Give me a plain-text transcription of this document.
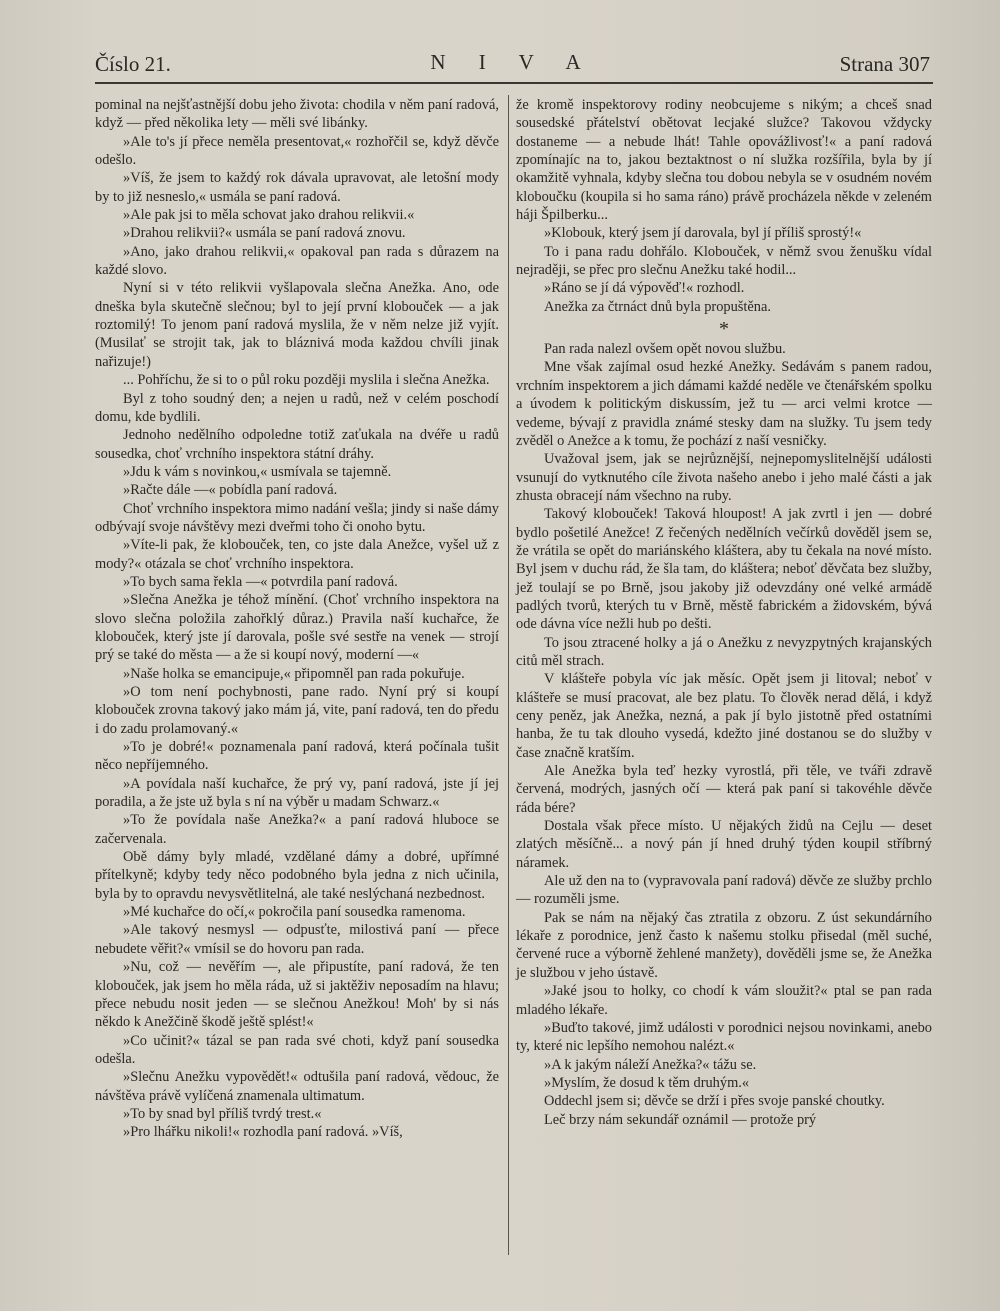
Číslo 21.	N I V A	Strana 307

pominal na nejšťastnější dobu jeho života: chodila v něm paní radová, když — před několika lety — měli své libánky.

»Ale to's jí přece neměla presentovat,« rozhořčil se, když děvče odešlo.

»Víš, že jsem to každý rok dávala upravovat, ale letošní mody by to již nesneslo,« usmála se paní radová.

»Ale pak jsi to měla schovat jako drahou relikvii.«

»Drahou relikvii?« usmála se paní radová znovu.

»Ano, jako drahou relikvii,« opakoval pan rada s důrazem na každé slovo.

Nyní si v této relikvii vyšlapovala slečna Anežka. Ano, ode dneška byla skutečně slečnou; byl to její první klobouček — a jak roztomilý! To jenom paní radová myslila, že v něm nelze již vyjít. (Musilať se strojit tak, jak to bláznivá moda každou chvíli jinak nařizuje!)

... Pohříchu, že si to o půl roku později myslila i slečna Anežka.

Byl z toho soudný den; a nejen u radů, než v celém poschodí domu, kde bydlili.

Jednoho nedělního odpoledne totiž zaťukala na dvéře u radů sousedka, choť vrchního inspektora státní dráhy.

»Jdu k vám s novinkou,« usmívala se tajemně.

»Račte dále —« pobídla paní radová.

Choť vrchního inspektora mimo nadání vešla; jindy si naše dámy odbývají svoje návštěvy mezi dveřmi toho či onoho bytu.

»Víte-li pak, že klobouček, ten, co jste dala Anežce, vyšel už z mody?« otázala se choť vrchního inspektora.

»To bych sama řekla —« potvrdila paní radová.

»Slečna Anežka je téhož mínění. (Choť vrchního inspektora na slovo slečna položila zahořklý důraz.) Pravila naší kuchařce, že klobouček, který jste jí darovala, pošle své sestře na venek — strojí prý se také do města — a že si koupí nový, moderní —«

»Naše holka se emancipuje,« připomněl pan rada pokuřuje.

»O tom není pochybnosti, pane rado. Nyní prý si koupí klobouček zrovna takový jako mám já, vite, paní radová, ten do předu i do zadu prolamovaný.«

»To je dobré!« poznamenala paní radová, která počínala tušit něco nepříjemného.

»A povídala naší kuchařce, že prý vy, paní radová, jste jí jej poradila, a že jste už byla s ní na výběr u madam Schwarz.«

»To že povídala naše Anežka?« a paní radová hluboce se začervenala.

Obě dámy byly mladé, vzdělané dámy a dobré, upřímné přítelkyně; kdyby tedy něco podobného byla jedna z nich učinila, byla by to opravdu nevysvětlitelná, ale také neslýchaná nezbednost.

»Mé kuchařce do očí,« pokročila paní sousedka ramenoma.

»Ale takový nesmysl — odpusťte, milostivá paní — přece nebudete věřit?« vmísil se do hovoru pan rada.

»Nu, což — nevěřím —, ale připustíte, paní radová, že ten klobouček, jak jsem ho měla ráda, už si jaktěživ neposadím na hlavu; přece nebudu nosit jeden — se slečnou Anežkou! Moh' by si nás někdo k Anežčině škodě ještě splést!«

»Co učinit?« tázal se pan rada své choti, když paní sousedka odešla.

»Slečnu Anežku vypovědět!« odtušila paní radová, vědouc, že návštěva právě vylíčená znamenala ultimatum.

»To by snad byl příliš tvrdý trest.«

»Pro lhářku nikoli!« rozhodla paní radová. »Víš,

že kromě inspektorovy rodiny neobcujeme s nikým; a chceš snad sousedské přátelství obětovat lecjaké služce? Takovou vždycky dostaneme — a nebude lhát! Tahle opovážlivosť!« a paní radová zpomínajíc na to, jakou beztaktnost o ní služka rozšířila, byla by jí okamžitě vyhnala, kdyby slečna tou dobou nebyla se v osudném novém kloboučku (koupila si ho sama ráno) právě procházela někde v zeleném háji Špilberku...

»Klobouk, který jsem jí darovala, byl jí příliš sprostý!«

To i pana radu dohřálo. Klobouček, v němž svou ženušku vídal nejraději, se přec pro slečnu Anežku také hodil...

»Ráno se jí dá výpověď!« rozhodl.

Anežka za čtrnáct dnů byla propuštěna.

*

Pan rada nalezl ovšem opět novou službu.

Mne však zajímal osud hezké Anežky. Sedávám s panem radou, vrchním inspektorem a jich dámami každé neděle ve čtenářském spolku a úvodem k politickým diskussím, jež tu — arci velmi krotce — vedeme, bývají z pravidla známé stesky dam na služky. Tu jsem tedy zvěděl o Anežce a k tomu, že pochází z naší vesničky.

Uvažoval jsem, jak se nejrůznější, nejnepomyslitelnější události vsunují do vytknutého cíle života našeho anebo i jeho malé části a jak zhusta obracejí nám všechno na ruby.

Takový klobouček! Taková hloupost! A jak zvrtl i jen — dobré bydlo pošetilé Anežce! Z řečených nedělních večírků dověděl jsem se, že vrátila se opět do mariánského kláštera, aby tu čekala na nové místo. Byl jsem v duchu rád, že šla tam, do kláštera; neboť děvčata bez služby, jež toulají se po Brně, jsou jakoby již odevzdány oné velké armádě padlých tvorů, kterých tu v Brně, městě fabrickém a židovském, bývá ode dávna více nežli hub po dešti.

To jsou ztracené holky a já o Anežku z nevyzpytných krajanských citů měl strach.

V klášteře pobyla víc jak měsíc. Opět jsem ji litoval; neboť v klášteře se musí pracovat, ale bez platu. To člověk nerad dělá, i když ceny peněz, jak Anežka, nezná, a pak jí bylo jistotně před ostatními hanba, že tu tak dlouho vysedá, kdežto jiné dostanou se do služby v čase značně kratším.

Ale Anežka byla teď hezky vyrostlá, při těle, ve tváři zdravě červená, modrých, jasných očí — která pak paní si takovéhle děvče ráda bére?

Dostala však přece místo. U nějakých židů na Cejlu — deset zlatých měsíčně... a nový pán jí hned druhý týden koupil stříbrný náramek.

Ale už den na to (vypravovala paní radová) děvče ze služby prchlo — rozuměli jsme.

Pak se nám na nějaký čas ztratila z obzoru. Z úst sekundárního lékaře z porodnice, jenž často k našemu stolku přisedal (měl suché, červené ruce a výborně žehlené manžety), dověděli jsme se, že Anežka je službou v jeho ústavě.

»Jaké jsou to holky, co chodí k vám sloužit?« ptal se pan rada mladého lékaře.

»Buďto takové, jimž události v porodnici nejsou novinkami, anebo ty, které nic lepšího nemohou nalézt.«

»A k jakým náleží Anežka?« tážu se.

»Myslím, že dosud k těm druhým.«

Oddechl jsem si; děvče se drží i přes svoje panské choutky.

Leč brzy nám sekundář oznámil — protože prý
